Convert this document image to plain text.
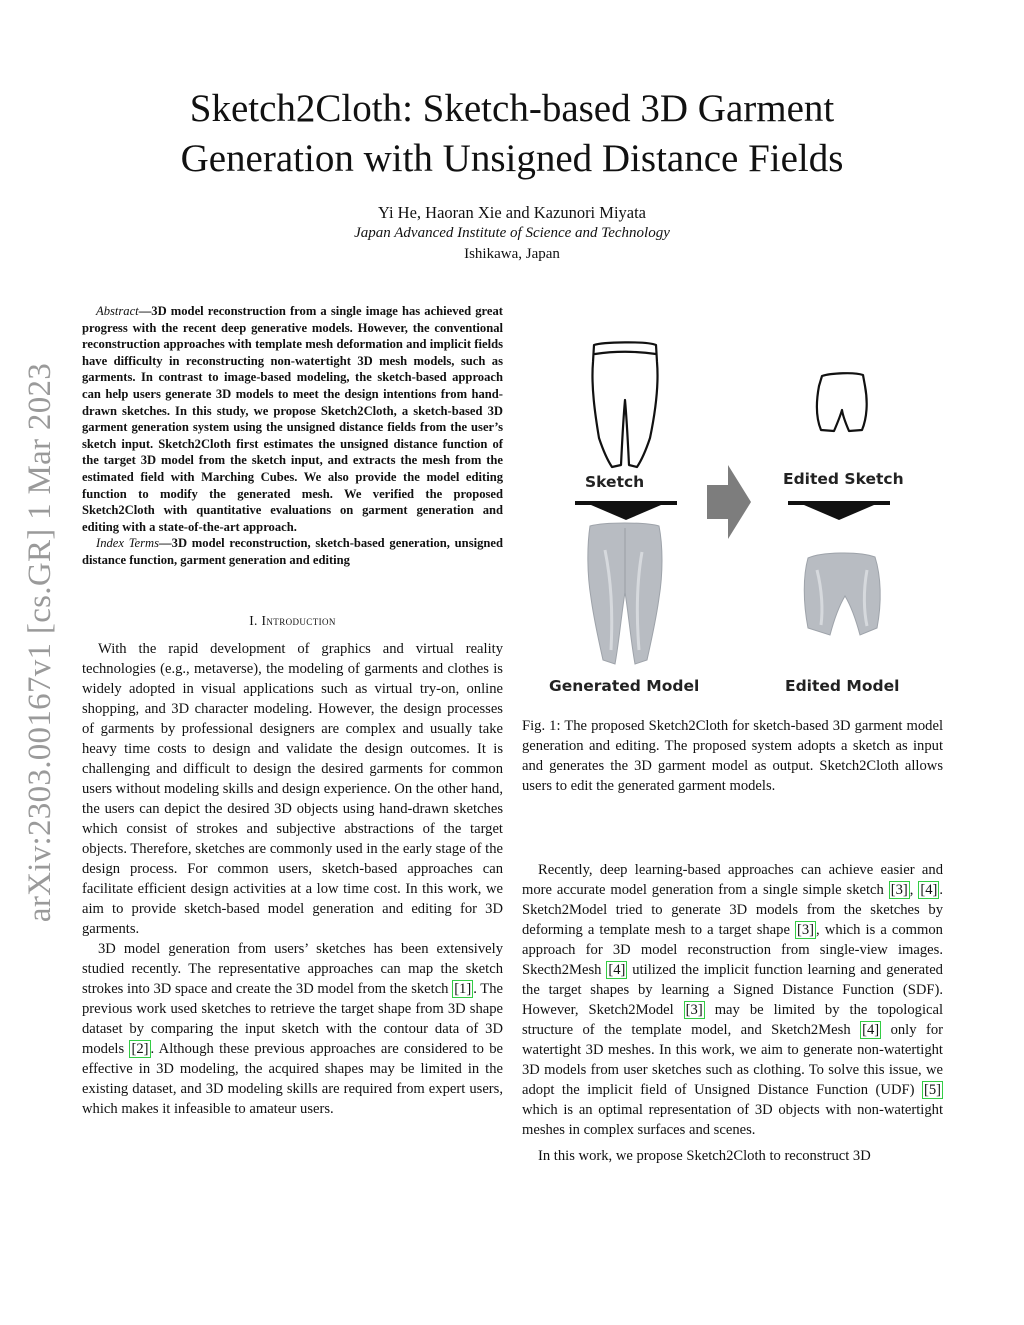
arXiv:2303.00167v1 [cs.GR] 1 Mar 2023
Sketch2Cloth: Sketch-based 3D Garment
Generation with Unsigned Distance Fields
Yi He, Haoran Xie and Kazunori Miyata
Japan Advanced Institute of Science and Technology
Ishikawa, Japan

Abstract—3D model reconstruction from a single image has achieved great progress with the recent deep generative models. However, the conventional reconstruction approaches with template mesh deformation and implicit fields have difficulty in reconstructing non-watertight 3D mesh models, such as garments. In contrast to image-based modeling, the sketch-based approach can help users generate 3D models to meet the design intentions from hand-drawn sketches. In this study, we propose Sketch2Cloth, a sketch-based 3D garment generation system using the unsigned distance fields from the user’s sketch input. Sketch2Cloth first estimates the unsigned distance function of the target 3D model from the sketch input, and extracts the mesh from the estimated field with Marching Cubes. We also provide the model editing function to modify the generated mesh. We verified the proposed Sketch2Cloth with quantitative evaluations on garment generation and editing with a state-of-the-art approach.

Index Terms—3D model reconstruction, sketch-based generation, unsigned distance function, garment generation and editing

I. Introduction

With the rapid development of graphics and virtual reality technologies (e.g., metaverse), the modeling of garments and clothes is widely adopted in visual applications such as virtual try-on, online shopping, and 3D character modeling. However, the design processes of garments by professional designers are complex and usually take heavy time costs to design and validate the design outcomes. It is challenging and difficult to design the desired garments for common users without modeling skills and design experience. On the other hand, the users can depict the desired 3D objects using hand-drawn sketches which consist of strokes and subjective abstractions of the target objects. Therefore, sketches are commonly used in the early stage of the design process. For common users, sketch-based approaches can facilitate efficient design activities at a low time cost. In this work, we aim to provide sketch-based model generation and editing for 3D garments.

3D model generation from users’ sketches has been extensively studied recently. The representative approaches can map the sketch strokes into 3D space and create the 3D model from the sketch [1] . The previous work used sketches to retrieve the target shape from 3D shape dataset by comparing the input sketch with the contour data of 3D models [2] . Although these previous approaches are considered to be effective in 3D modeling, the acquired shapes may be limited in the existing dataset, and 3D modeling skills are required from expert users, which makes it infeasible to amateur users.

Sketch	Edited Sketch
Generated Model	Edited Model
Fig. 1: The proposed Sketch2Cloth for sketch-based 3D garment model generation and editing. The proposed system adopts a sketch as input and generates the 3D garment model as output. Sketch2Cloth allows users to edit the generated garment models.

Recently, deep learning-based approaches can achieve easier and more accurate model generation from a single simple sketch [3] , [4] . Sketch2Model tried to generate 3D models from the sketches by deforming a template mesh to a target shape [3] , which is a common approach for 3D model reconstruction from single-view images. Skecth2Mesh [4] utilized the implicit function learning and generated the target shapes by learning a Signed Distance Function (SDF). However, Sketch2Model [3] may be limited by the topological structure of the template model, and Sketch2Mesh [4] only for watertight 3D meshes. In this work, we aim to generate non-watertight 3D models from user sketches such as clothing. To solve this issue, we adopt the implicit field of Unsigned Distance Function (UDF) [5] which is an optimal representation of 3D objects with non-watertight meshes in complex surfaces and scenes.

In this work, we propose Sketch2Cloth to reconstruct 3D
